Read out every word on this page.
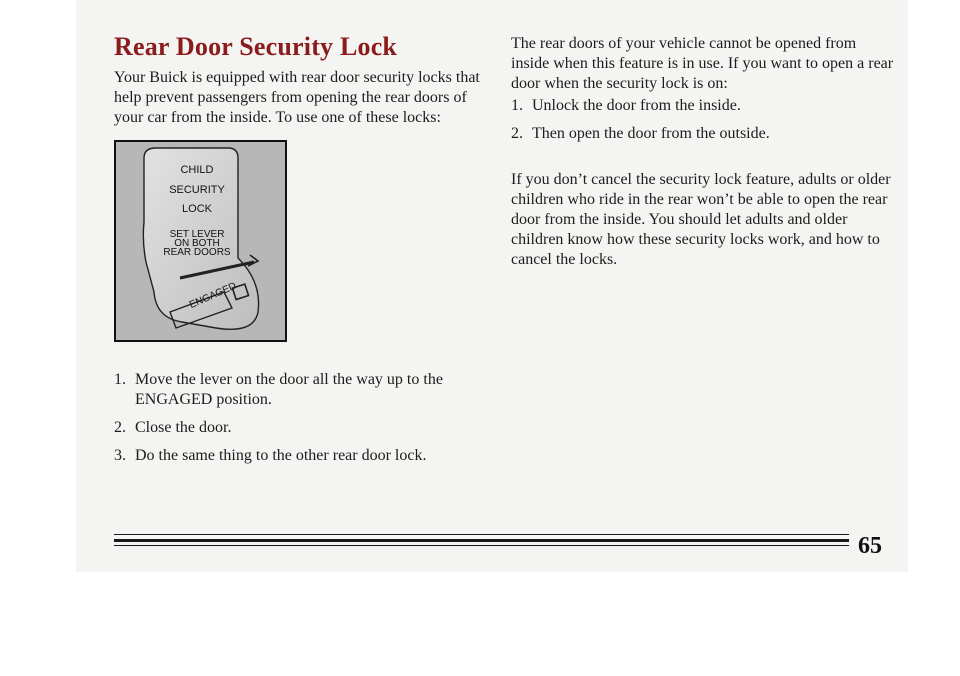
Rear Door Security Lock

Your Buick is equipped with rear door security locks that help prevent passengers from opening the rear doors of your car from the inside. To use one of these locks:

ENGAGED
CHILD
SECURITY
LOCK
SET LEVER
ON BOTH
REAR DOORS
1. Move the lever on the door all the way up to the ENGAGED position.
2. Close the door.
3. Do the same thing to the other rear door lock.

The rear doors of your vehicle cannot be opened from inside when this feature is in use. If you want to open a rear door when the security lock is on:

1. Unlock the door from the inside.
2. Then open the door from the outside.

If you don’t cancel the security lock feature, adults or older children who ride in the rear won’t be able to open the rear door from the inside. You should let adults and older children know how these security locks work, and how to cancel the locks.

65
